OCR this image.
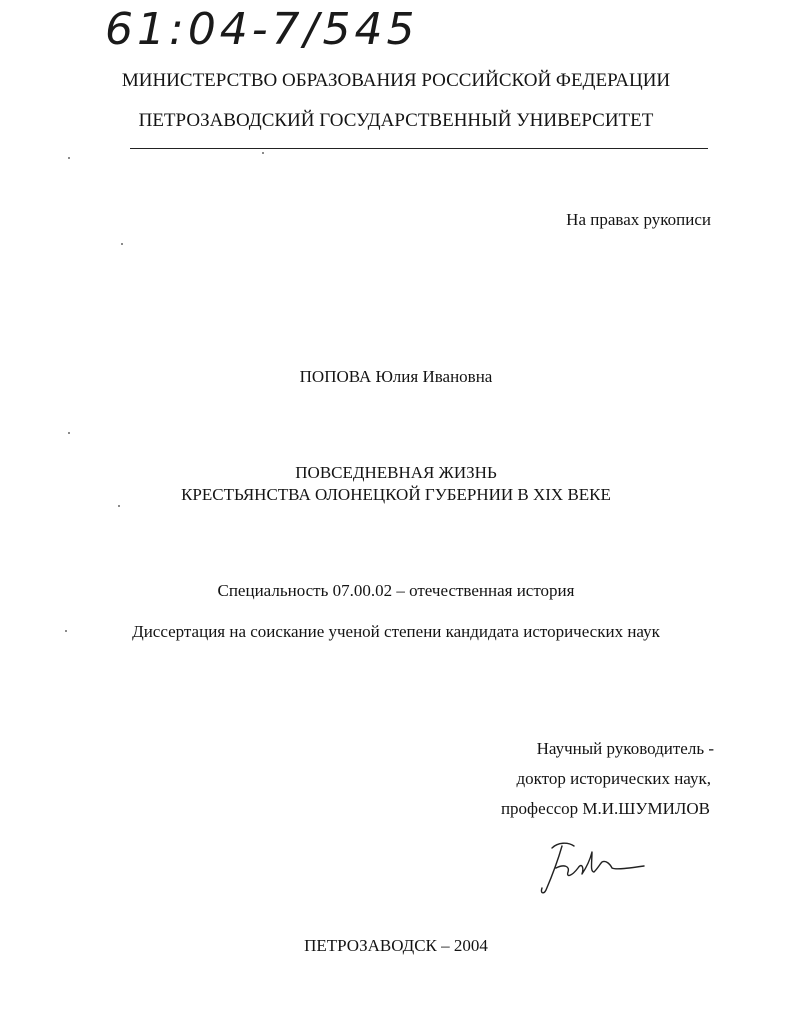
61:04-7/545
МИНИСТЕРСТВО ОБРАЗОВАНИЯ РОССИЙСКОЙ ФЕДЕРАЦИИ
ПЕТРОЗАВОДСКИЙ ГОСУДАРСТВЕННЫЙ УНИВЕРСИТЕТ
На правах рукописи
ПОПОВА Юлия Ивановна
ПОВСЕДНЕВНАЯ ЖИЗНЬ
КРЕСТЬЯНСТВА ОЛОНЕЦКОЙ ГУБЕРНИИ В XIX ВЕКЕ
Специальность 07.00.02 – отечественная история
Диссертация на соискание ученой степени кандидата исторических наук
Научный руководитель -
доктор исторических наук,
профессор М.И.ШУМИЛОВ
ПЕТРОЗАВОДСК – 2004
